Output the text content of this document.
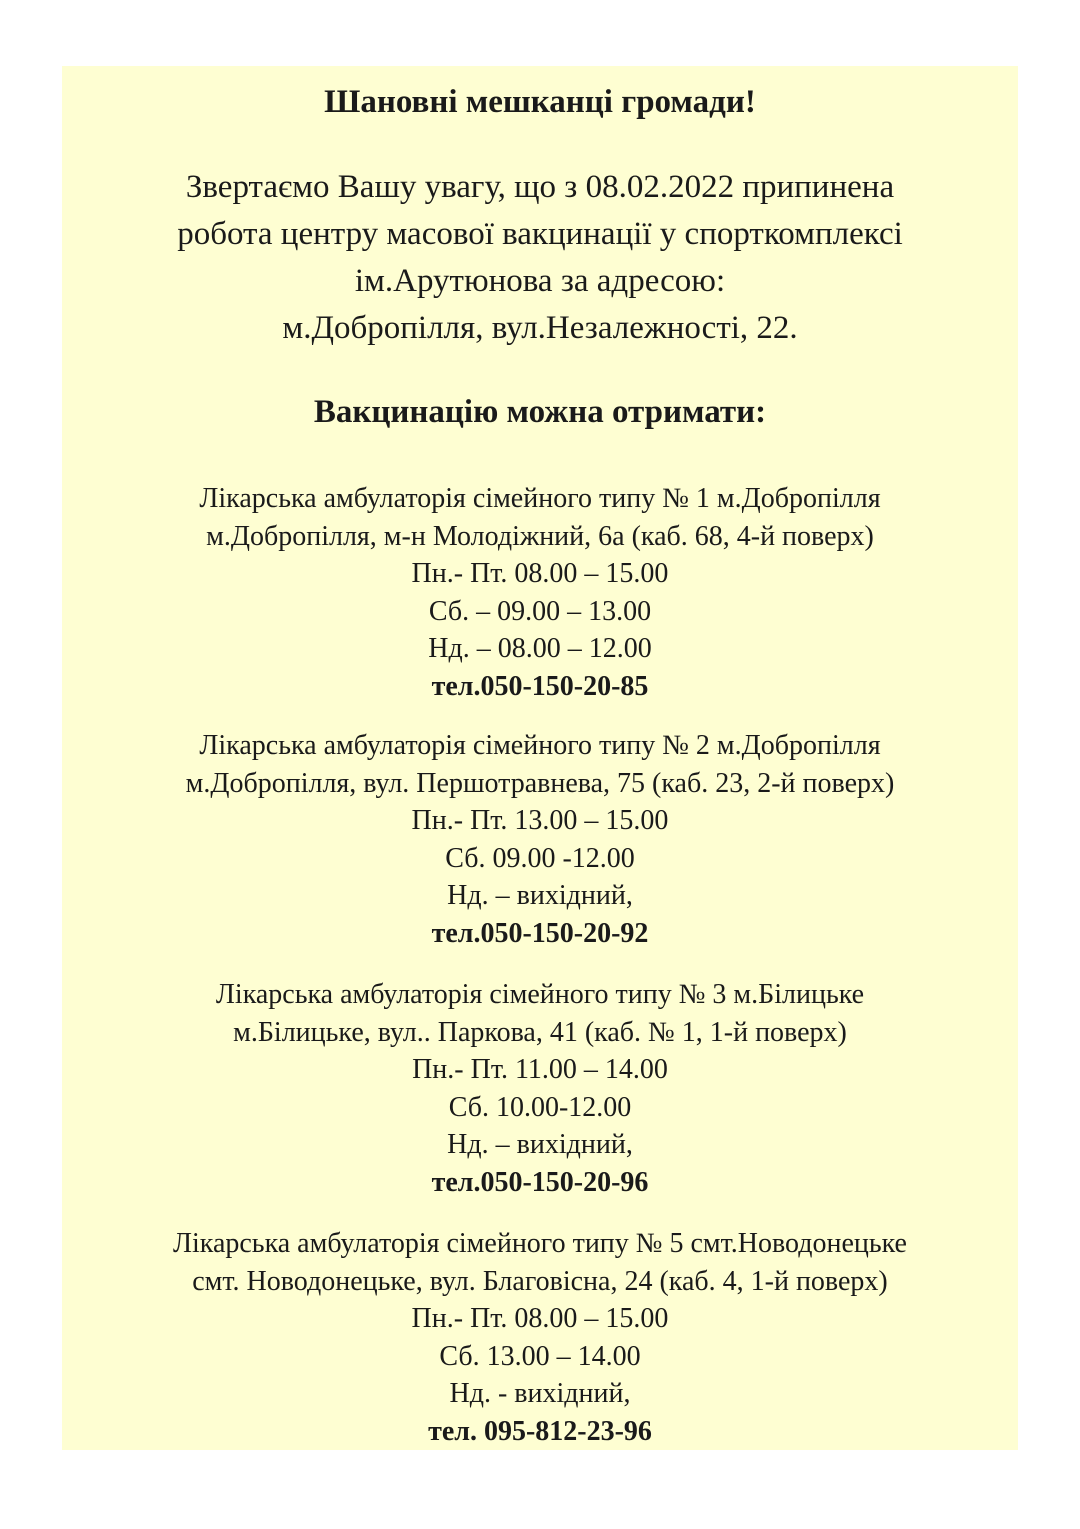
Шановні мешканці громади!
Звертаємо Вашу увагу, що з 08.02.2022 припинена
робота центру масової вакцинації у спорткомплексі
ім.Арутюнова за адресою:
м.Добропілля, вул.Незалежності, 22.
Вакцинацію можна отримати:
Лікарська амбулаторія сімейного типу № 1 м.Добропілля
м.Добропілля, м-н Молодіжний, 6а (каб. 68, 4-й поверх)
Пн.- Пт. 08.00 – 15.00
Сб. – 09.00 – 13.00
Нд. – 08.00 – 12.00
тел.050-150-20-85
Лікарська амбулаторія сімейного типу № 2 м.Добропілля
м.Добропілля, вул. Першотравнева, 75 (каб. 23, 2-й поверх)
Пн.- Пт. 13.00 – 15.00
Сб. 09.00 -12.00
Нд. – вихідний,
тел.050-150-20-92
Лікарська амбулаторія сімейного типу № 3 м.Білицьке
м.Білицьке, вул.. Паркова, 41 (каб. № 1, 1-й поверх)
Пн.- Пт. 11.00 – 14.00
Сб. 10.00-12.00
Нд. – вихідний,
тел.050-150-20-96
Лікарська амбулаторія сімейного типу № 5 смт.Новодонецьке
смт. Новодонецьке, вул. Благовісна, 24 (каб. 4, 1-й поверх)
Пн.- Пт. 08.00 – 15.00
Сб. 13.00 – 14.00
Нд. - вихідний,
тел. 095-812-23-96
